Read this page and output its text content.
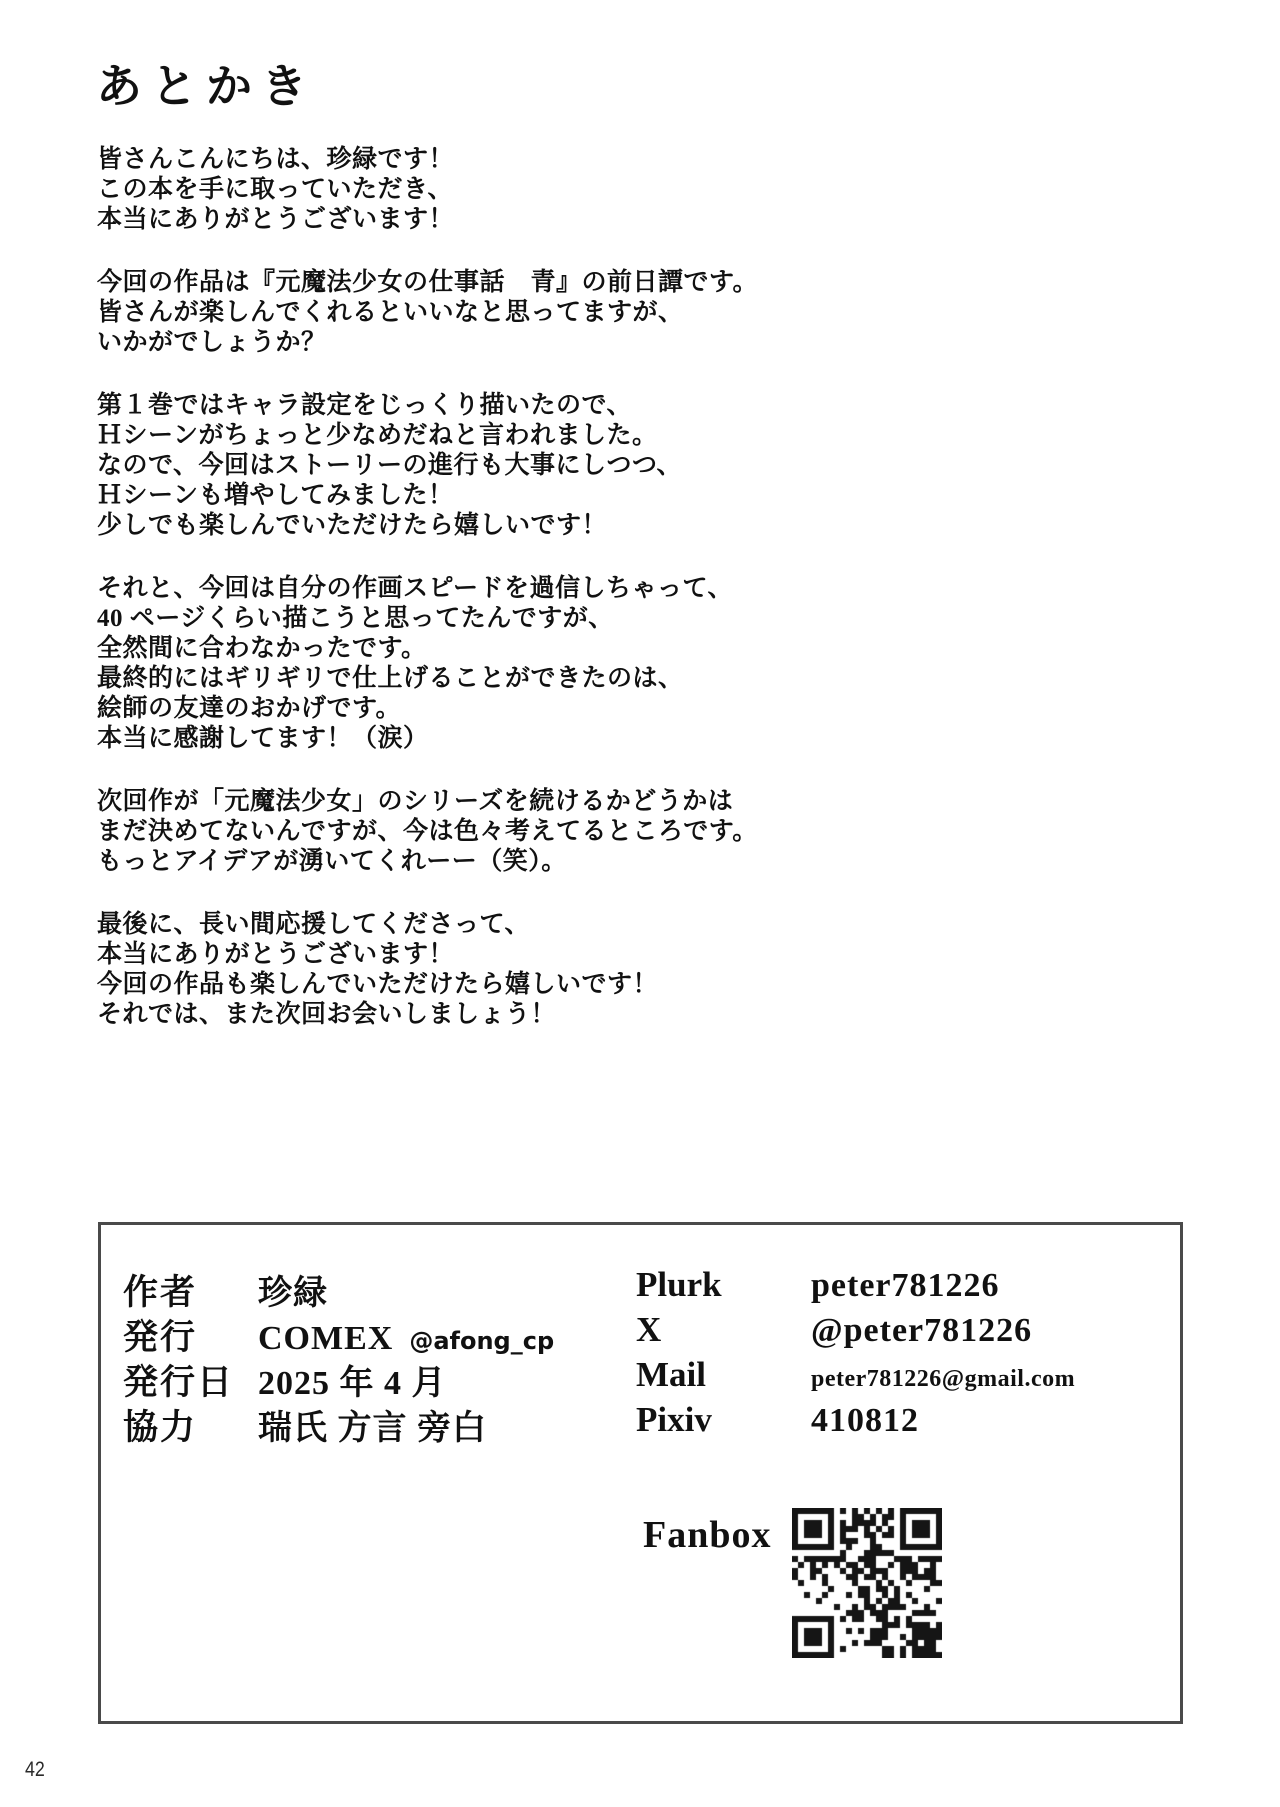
あとかき

皆さんこんにちは、珍緑です！
この本を手に取っていただき、
本当にありがとうございます！

今回の作品は『元魔法少女の仕事話　青』の前日譚です。
皆さんが楽しんでくれるといいなと思ってますが、
いかがでしょうか？

第１巻ではキャラ設定をじっくり描いたので、
Ｈシーンがちょっと少なめだねと言われました。
なので、今回はストーリーの進行も大事にしつつ、
Ｈシーンも増やしてみました！
少しでも楽しんでいただけたら嬉しいです！

それと、今回は自分の作画スピードを過信しちゃって、
40 ページくらい描こうと思ってたんですが、
全然間に合わなかったです。
最終的にはギリギリで仕上げることができたのは、
絵師の友達のおかげです。
本当に感謝してます！（涙）

次回作が「元魔法少女」のシリーズを続けるかどうかは
まだ決めてないんですが、今は色々考えてるところです。
もっとアイデアが湧いてくれーー（笑）。

最後に、長い間応援してくださって、
本当にありがとうございます！
今回の作品も楽しんでいただけたら嬉しいです！
それでは、また次回お会いしましょう！

作者	珍緑
発行	COMEX @afong_cp
発行日 2025 年 4 月
協力	瑞氏 方言 旁白
Plurk	peter781226
X	@peter781226
Mail	peter781226@gmail.com
Pixiv	410812
Fanbox
42
